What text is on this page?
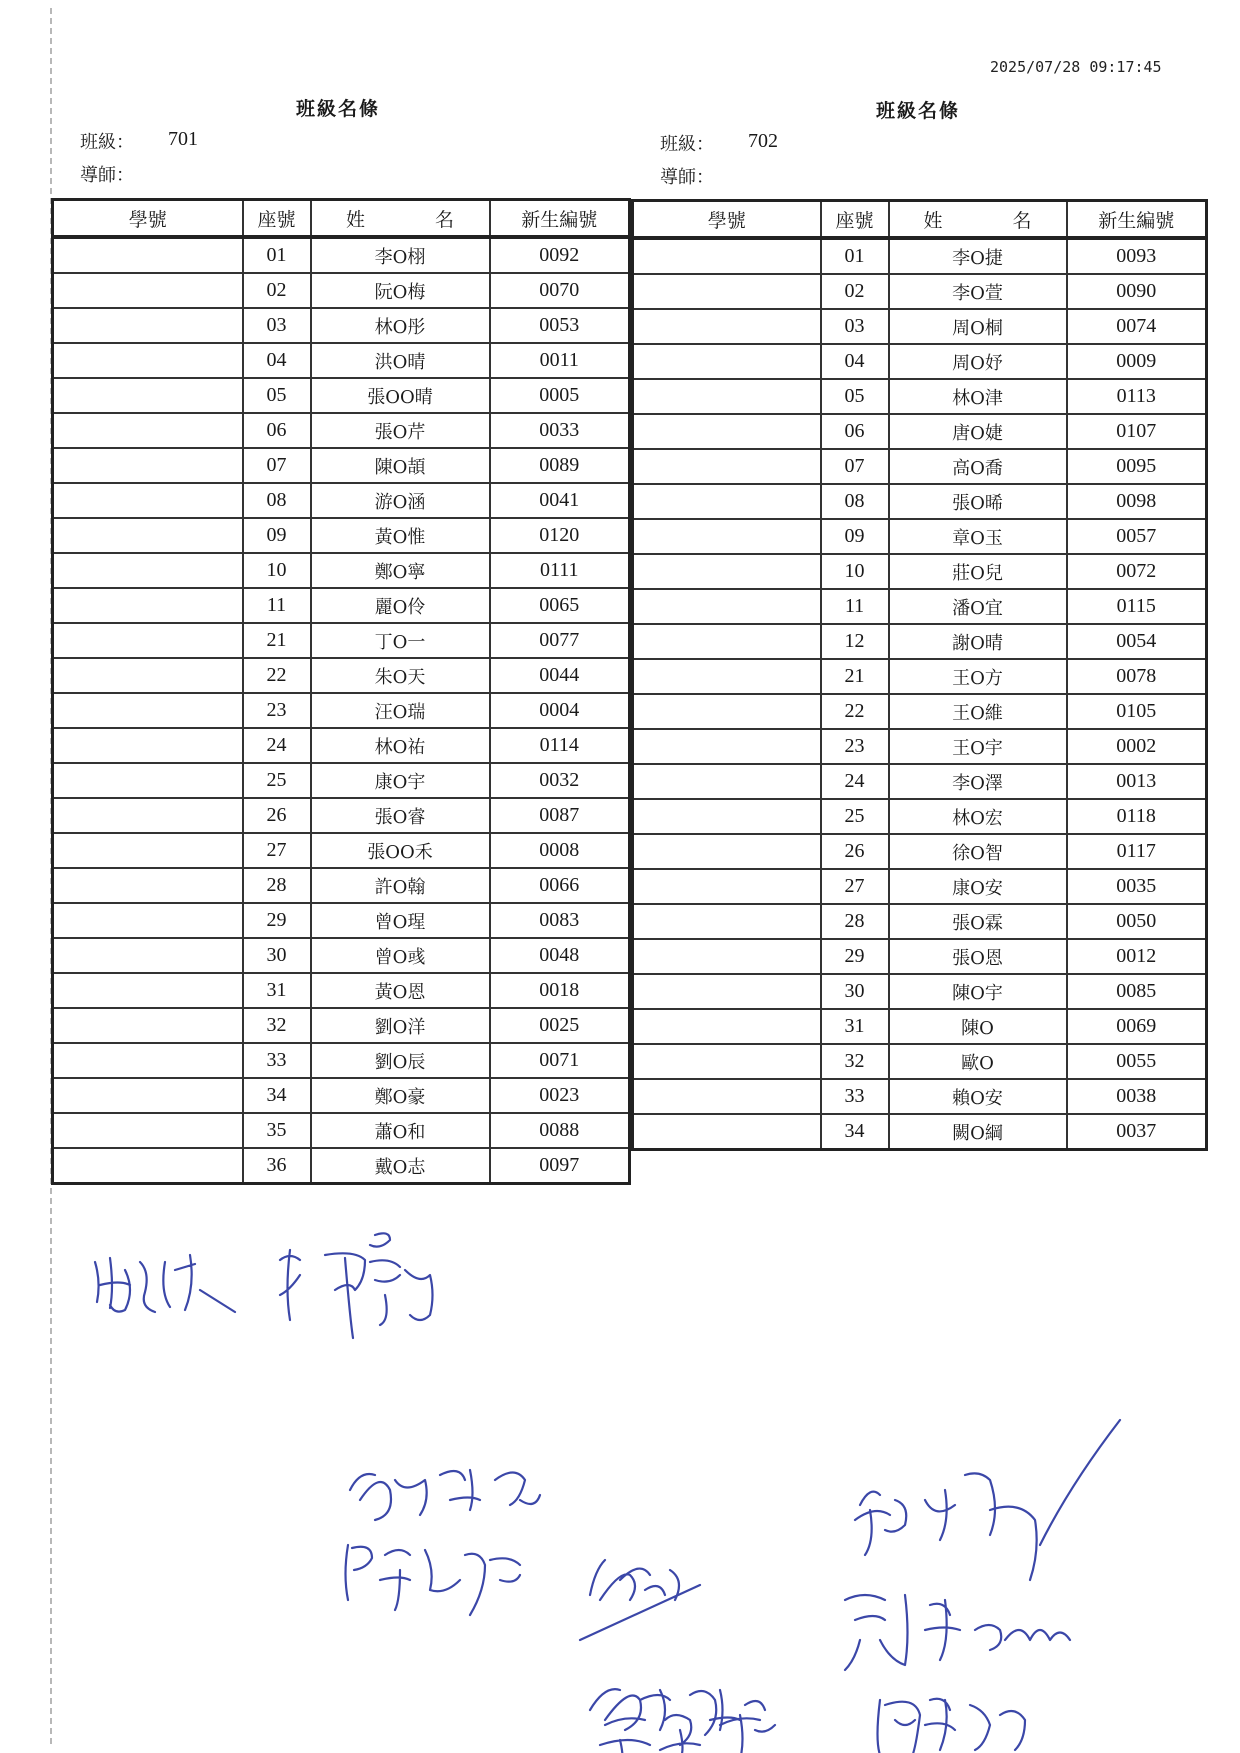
2025/07/28 09:17:45
班級名條
班級： 701
導師：
學號	座號	姓 名	新生編號
	01	李O栩	0092
	02	阮O梅	0070
	03	林O彤	0053
	04	洪O晴	0011
	05	張OO晴	0005
	06	張O芹	0033
	07	陳O頡	0089
	08	游O涵	0041
	09	黃O惟	0120
	10	鄭O寧	0111
	11	麗O伶	0065
	21	丁O一	0077
	22	朱O天	0044
	23	汪O瑞	0004
	24	林O祐	0114
	25	康O宇	0032
	26	張O睿	0087
	27	張OO禾	0008
	28	許O翰	0066
	29	曾O瑆	0083
	30	曾O彧	0048
	31	黃O恩	0018
	32	劉O洋	0025
	33	劉O辰	0071
	34	鄭O豪	0023
	35	蕭O和	0088
	36	戴O志	0097
班級名條
班級： 702
導師：
學號	座號	姓 名	新生編號
	01	李O捷	0093
	02	李O萱	0090
	03	周O桐	0074
	04	周O妤	0009
	05	林O津	0113
	06	唐O婕	0107
	07	高O喬	0095
	08	張O晞	0098
	09	章O玉	0057
	10	莊O兒	0072
	11	潘O宜	0115
	12	謝O晴	0054
	21	王O方	0078
	22	王O維	0105
	23	王O宇	0002
	24	李O澤	0013
	25	林O宏	0118
	26	徐O智	0117
	27	康O安	0035
	28	張O霖	0050
	29	張O恩	0012
	30	陳O宇	0085
	31	陳O	0069
	32	歐O	0055
	33	賴O安	0038
	34	闕O綱	0037
